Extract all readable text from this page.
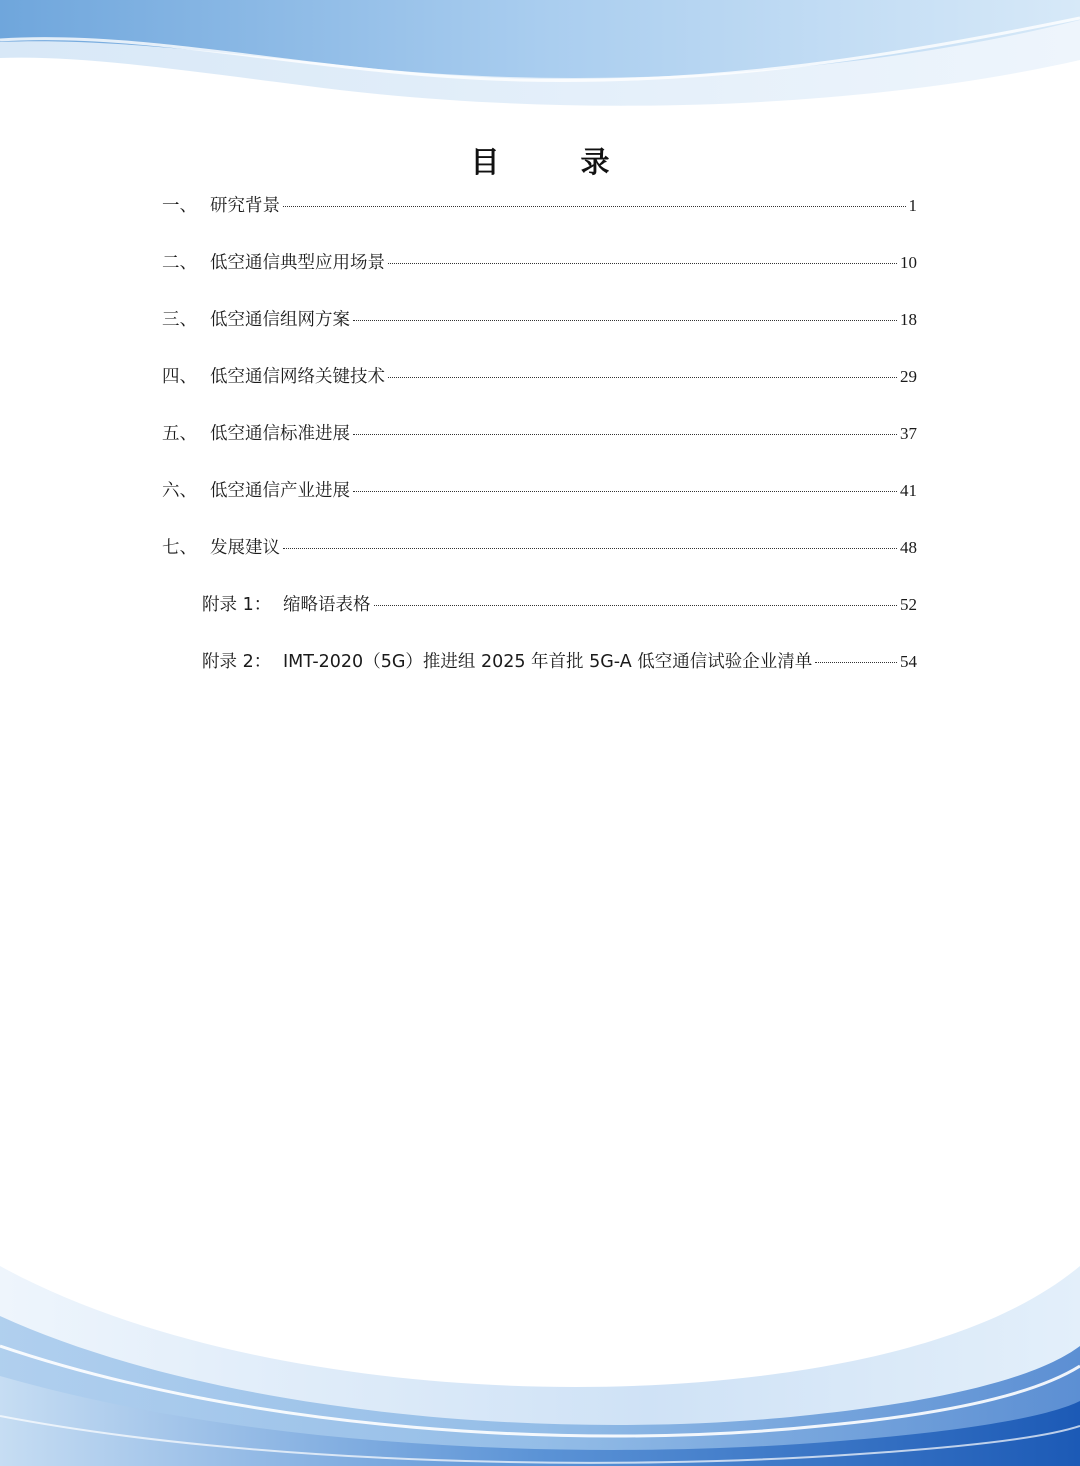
目　录
一、 研究背景	1
二、 低空通信典型应用场景	10
三、 低空通信组网方案	18
四、 低空通信网络关键技术	29
五、 低空通信标准进展	37
六、 低空通信产业进展	41
七、 发展建议	48
附录 1： 缩略语表格	52
附录 2： IMT-2020（5G）推进组 2025 年首批 5G-A 低空通信试验企业清单	54
